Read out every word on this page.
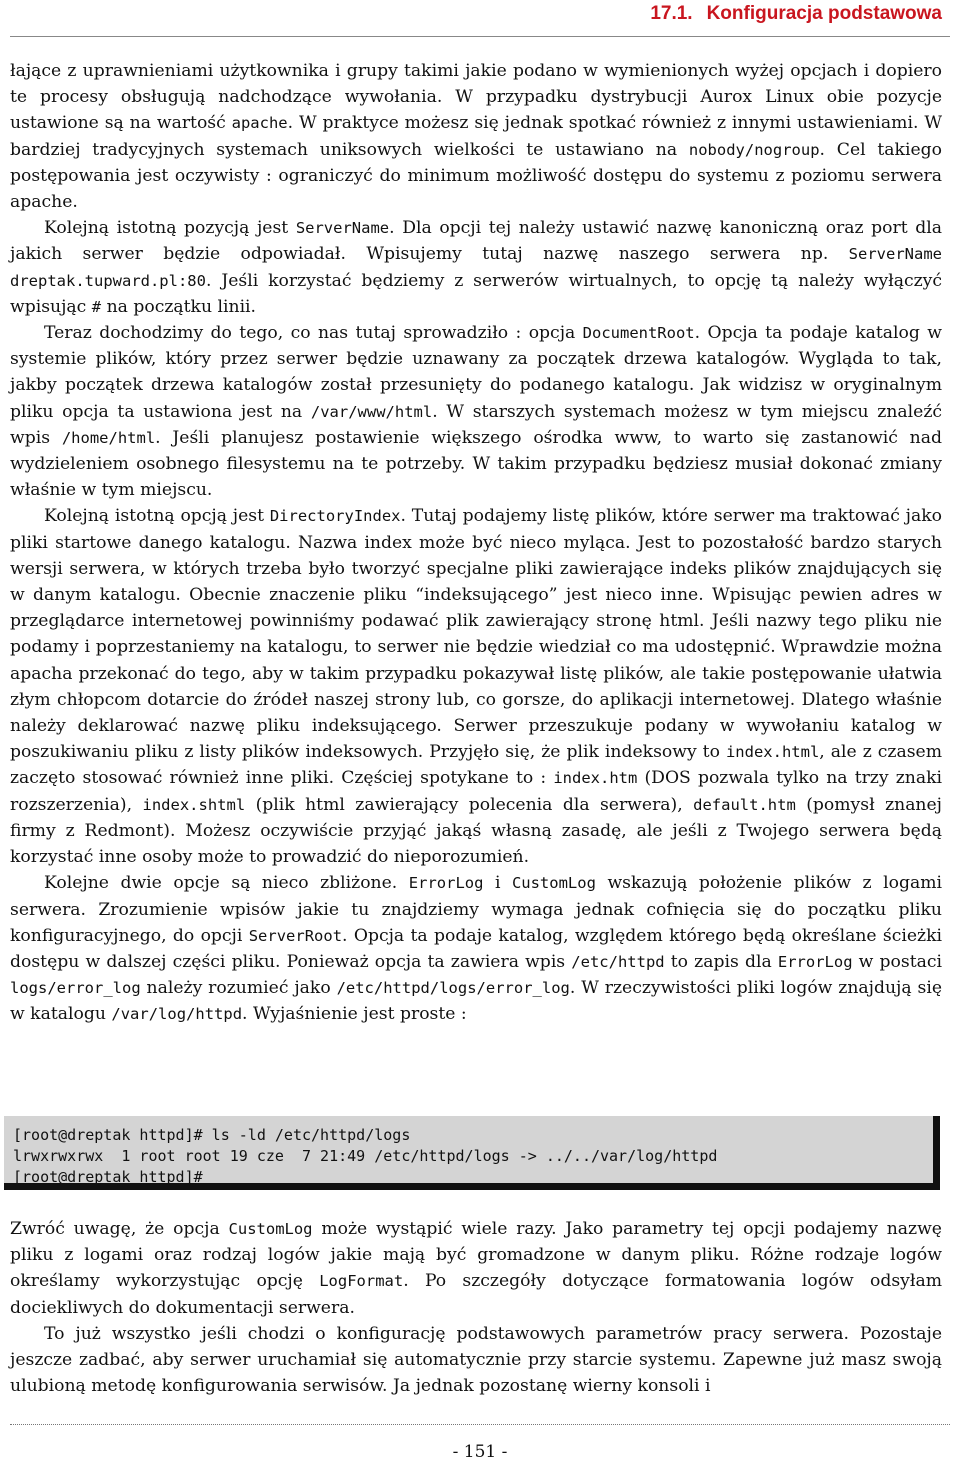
17.1. Konfiguracja podstawowa

łające z uprawnieniami użytkownika i grupy takimi jakie podano w wymienionych wyżej opcjach i dopiero te procesy obsługują nadchodzące wywołania. W przypadku dystrybucji Aurox Linux obie pozycje ustawione są na wartość apache. W praktyce możesz się jednak spotkać również z innymi ustawieniami. W bardziej tradycyjnych systemach uniksowych wielkości te ustawiano na nobody/nogroup. Cel takiego postępowania jest oczywisty : ograniczyć do minimum możliwość dostępu do systemu z poziomu serwera apache.

Kolejną istotną pozycją jest ServerName. Dla opcji tej należy ustawić nazwę kanoniczną oraz port dla jakich serwer będzie odpowiadał. Wpisujemy tutaj nazwę naszego serwera np. ServerName dreptak.tupward.pl:80. Jeśli korzystać będziemy z serwerów wirtualnych, to opcję tą należy wyłączyć wpisując # na początku linii.

Teraz dochodzimy do tego, co nas tutaj sprowadziło : opcja DocumentRoot. Opcja ta podaje katalog w systemie plików, który przez serwer będzie uznawany za początek drzewa katalogów. Wygląda to tak, jakby początek drzewa katalogów został przesunięty do podanego katalogu. Jak widzisz w oryginalnym pliku opcja ta ustawiona jest na /var/www/html. W starszych systemach możesz w tym miejscu znaleźć wpis /home/html. Jeśli planujesz postawienie większego ośrodka www, to warto się zastanowić nad wydzieleniem osobnego filesystemu na te potrzeby. W takim przypadku będziesz musiał dokonać zmiany właśnie w tym miejscu.

Kolejną istotną opcją jest DirectoryIndex. Tutaj podajemy listę plików, które serwer ma traktować jako pliki startowe danego katalogu. Nazwa index może być nieco myląca. Jest to pozostałość bardzo starych wersji serwera, w których trzeba było tworzyć specjalne pliki zawierające indeks plików znajdujących się w danym katalogu. Obecnie znaczenie pliku “indeksującego” jest nieco inne. Wpisując pewien adres w przeglądarce internetowej powinniśmy podawać plik zawierający stronę html. Jeśli nazwy tego pliku nie podamy i poprzestaniemy na katalogu, to serwer nie będzie wiedział co ma udostępnić. Wprawdzie można apacha przekonać do tego, aby w takim przypadku pokazywał listę plików, ale takie postępowanie ułatwia złym chłopcom dotarcie do źródeł naszej strony lub, co gorsze, do aplikacji internetowej. Dlatego właśnie należy deklarować nazwę pliku indeksującego. Serwer przeszukuje podany w wywołaniu katalog w poszukiwaniu pliku z listy plików indeksowych. Przyjęło się, że plik indeksowy to index.html, ale z czasem zaczęto stosować również inne pliki. Częściej spotykane to : index.htm (DOS pozwala tylko na trzy znaki rozszerzenia), index.shtml (plik html zawierający polecenia dla serwera), default.htm (pomysł znanej firmy z Redmont). Możesz oczywiście przyjąć jakąś własną zasadę, ale jeśli z Twojego serwera będą korzystać inne osoby może to prowadzić do nieporozumień.

Kolejne dwie opcje są nieco zbliżone. ErrorLog i CustomLog wskazują położenie plików z logami serwera. Zrozumienie wpisów jakie tu znajdziemy wymaga jednak cofnięcia się do początku pliku konfiguracyjnego, do opcji ServerRoot. Opcja ta podaje katalog, względem którego będą określane ścieżki dostępu w dalszej części pliku. Ponieważ opcja ta zawiera wpis /etc/httpd to zapis dla ErrorLog w postaci logs/error_log należy rozumieć jako /etc/httpd/logs/error_log. W rzeczywistości pliki logów znajdują się w katalogu /var/log/httpd. Wyjaśnienie jest proste :

[root@dreptak httpd]# ls -ld /etc/httpd/logs
lrwxrwxrwx  1 root root 19 cze  7 21:49 /etc/httpd/logs -> ../../var/log/httpd
[root@dreptak httpd]#

Zwróć uwagę, że opcja CustomLog może wystąpić wiele razy. Jako parametry tej opcji podajemy nazwę pliku z logami oraz rodzaj logów jakie mają być gromadzone w danym pliku. Różne rodzaje logów określamy wykorzystując opcję LogFormat. Po szczegóły dotyczące formatowania logów odsyłam dociekliwych do dokumentacji serwera.

To już wszystko jeśli chodzi o konfigurację podstawowych parametrów pracy serwera. Pozostaje jeszcze zadbać, aby serwer uruchamiał się automatycznie przy starcie systemu. Zapewne już masz swoją ulubioną metodę konfigurowania serwisów. Ja jednak pozostanę wierny konsoli i

- 151 -
